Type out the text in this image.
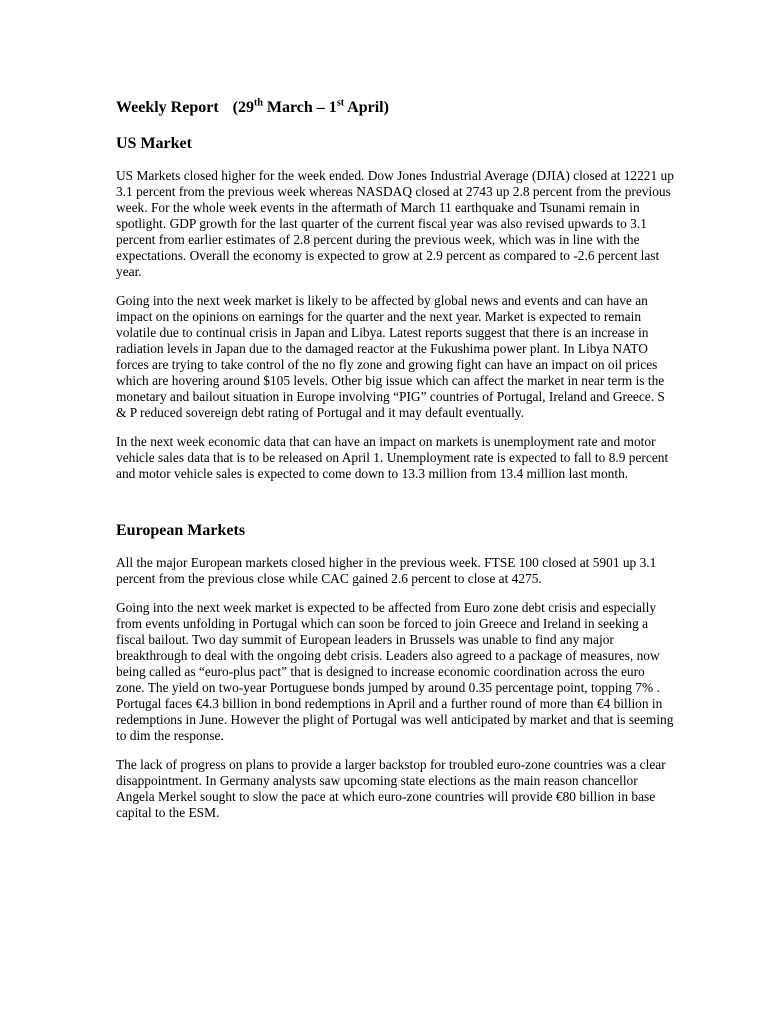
Weekly Report (29th March – 1st April)
US Market

US Markets closed higher for the week ended. Dow Jones Industrial Average (DJIA) closed at 12221 up 3.1 percent from the previous week whereas NASDAQ closed at 2743 up 2.8 percent from the previous week. For the whole week events in the aftermath of March 11 earthquake and Tsunami remain in spotlight. GDP growth for the last quarter of the current fiscal year was also revised upwards to 3.1 percent from earlier estimates of 2.8 percent during the previous week, which was in line with the expectations. Overall the economy is expected to grow at 2.9 percent as compared to -2.6 percent last year.

Going into the next week market is likely to be affected by global news and events and can have an impact on the opinions on earnings for the quarter and the next year. Market is expected to remain volatile due to continual crisis in Japan and Libya. Latest reports suggest that there is an increase in radiation levels in Japan due to the damaged reactor at the Fukushima power plant. In Libya NATO forces are trying to take control of the no fly zone and growing fight can have an impact on oil prices which are hovering around $105 levels. Other big issue which can affect the market in near term is the monetary and bailout situation in Europe involving “PIG” countries of Portugal, Ireland and Greece. S & P reduced sovereign debt rating of Portugal and it may default eventually.

In the next week economic data that can have an impact on markets is unemployment rate and motor vehicle sales data that is to be released on April 1. Unemployment rate is expected to fall to 8.9 percent and motor vehicle sales is expected to come down to 13.3 million from 13.4 million last month.

European Markets

All the major European markets closed higher in the previous week. FTSE 100 closed at 5901 up 3.1 percent from the previous close while CAC gained 2.6 percent to close at 4275.

Going into the next week market is expected to be affected from Euro zone debt crisis and especially from events unfolding in Portugal which can soon be forced to join Greece and Ireland in seeking a fiscal bailout. Two day summit of European leaders in Brussels was unable to find any major breakthrough to deal with the ongoing debt crisis. Leaders also agreed to a package of measures, now being called as “euro-plus pact” that is designed to increase economic coordination across the euro zone. The yield on two-year Portuguese bonds jumped by around 0.35 percentage point, topping 7% . Portugal faces €4.3 billion in bond redemptions in April and a further round of more than €4 billion in redemptions in June. However the plight of Portugal was well anticipated by market and that is seeming to dim the response.

The lack of progress on plans to provide a larger backstop for troubled euro-zone countries was a clear disappointment. In Germany analysts saw upcoming state elections as the main reason chancellor Angela Merkel sought to slow the pace at which euro-zone countries will provide €80 billion in base capital to the ESM.
